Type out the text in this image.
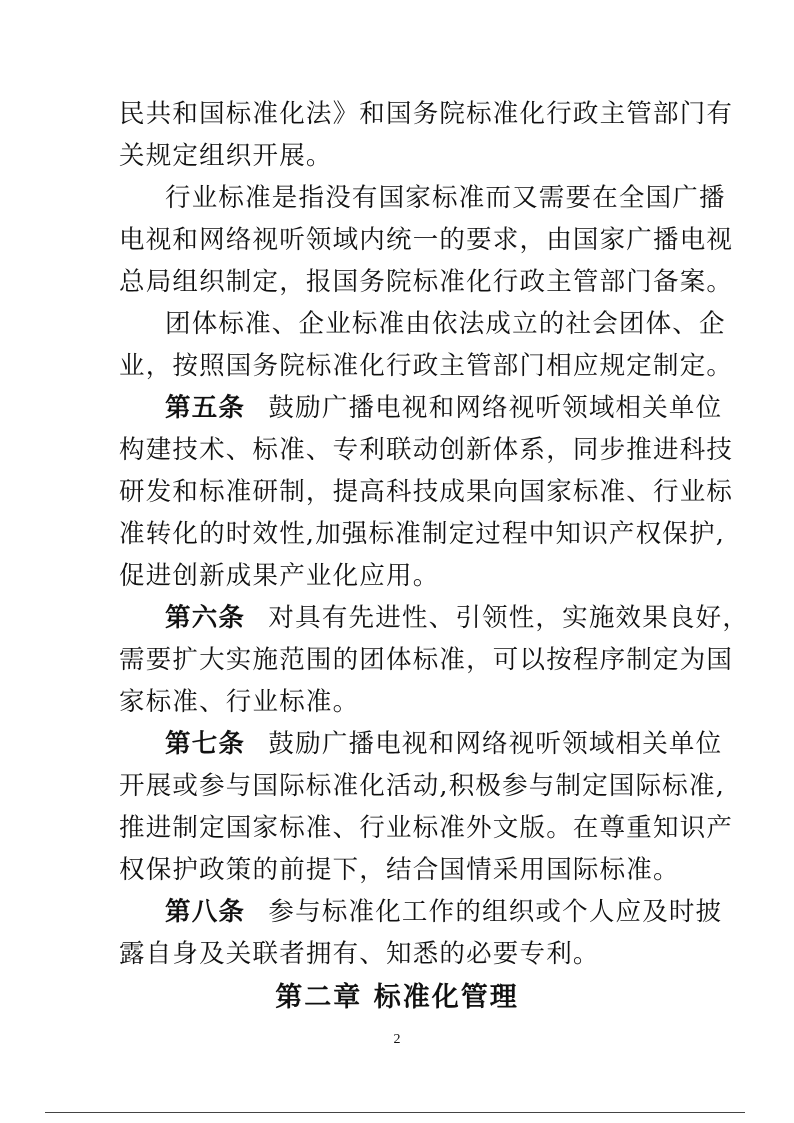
民共和国标准化法》和国务院标准化行政主管部门有
关规定组织开展。
行业标准是指没有国家标准而又需要在全国广播
电视和网络视听领域内统一的要求，由国家广播电视
总局组织制定，报国务院标准化行政主管部门备案。
团体标准、企业标准由依法成立的社会团体、企
业，按照国务院标准化行政主管部门相应规定制定。
第五条 鼓励广播电视和网络视听领域相关单位
构建技术、标准、专利联动创新体系，同步推进科技
研发和标准研制，提高科技成果向国家标准、行业标
准转化的时效性,加强标准制定过程中知识产权保护,
促进创新成果产业化应用。
第六条 对具有先进性、引领性，实施效果良好，
需要扩大实施范围的团体标准，可以按程序制定为国
家标准、行业标准。
第七条 鼓励广播电视和网络视听领域相关单位
开展或参与国际标准化活动,积极参与制定国际标准,
推进制定国家标准、行业标准外文版。在尊重知识产
权保护政策的前提下，结合国情采用国际标准。
第八条 参与标准化工作的组织或个人应及时披
露自身及关联者拥有、知悉的必要专利。
第二章 标准化管理
2
